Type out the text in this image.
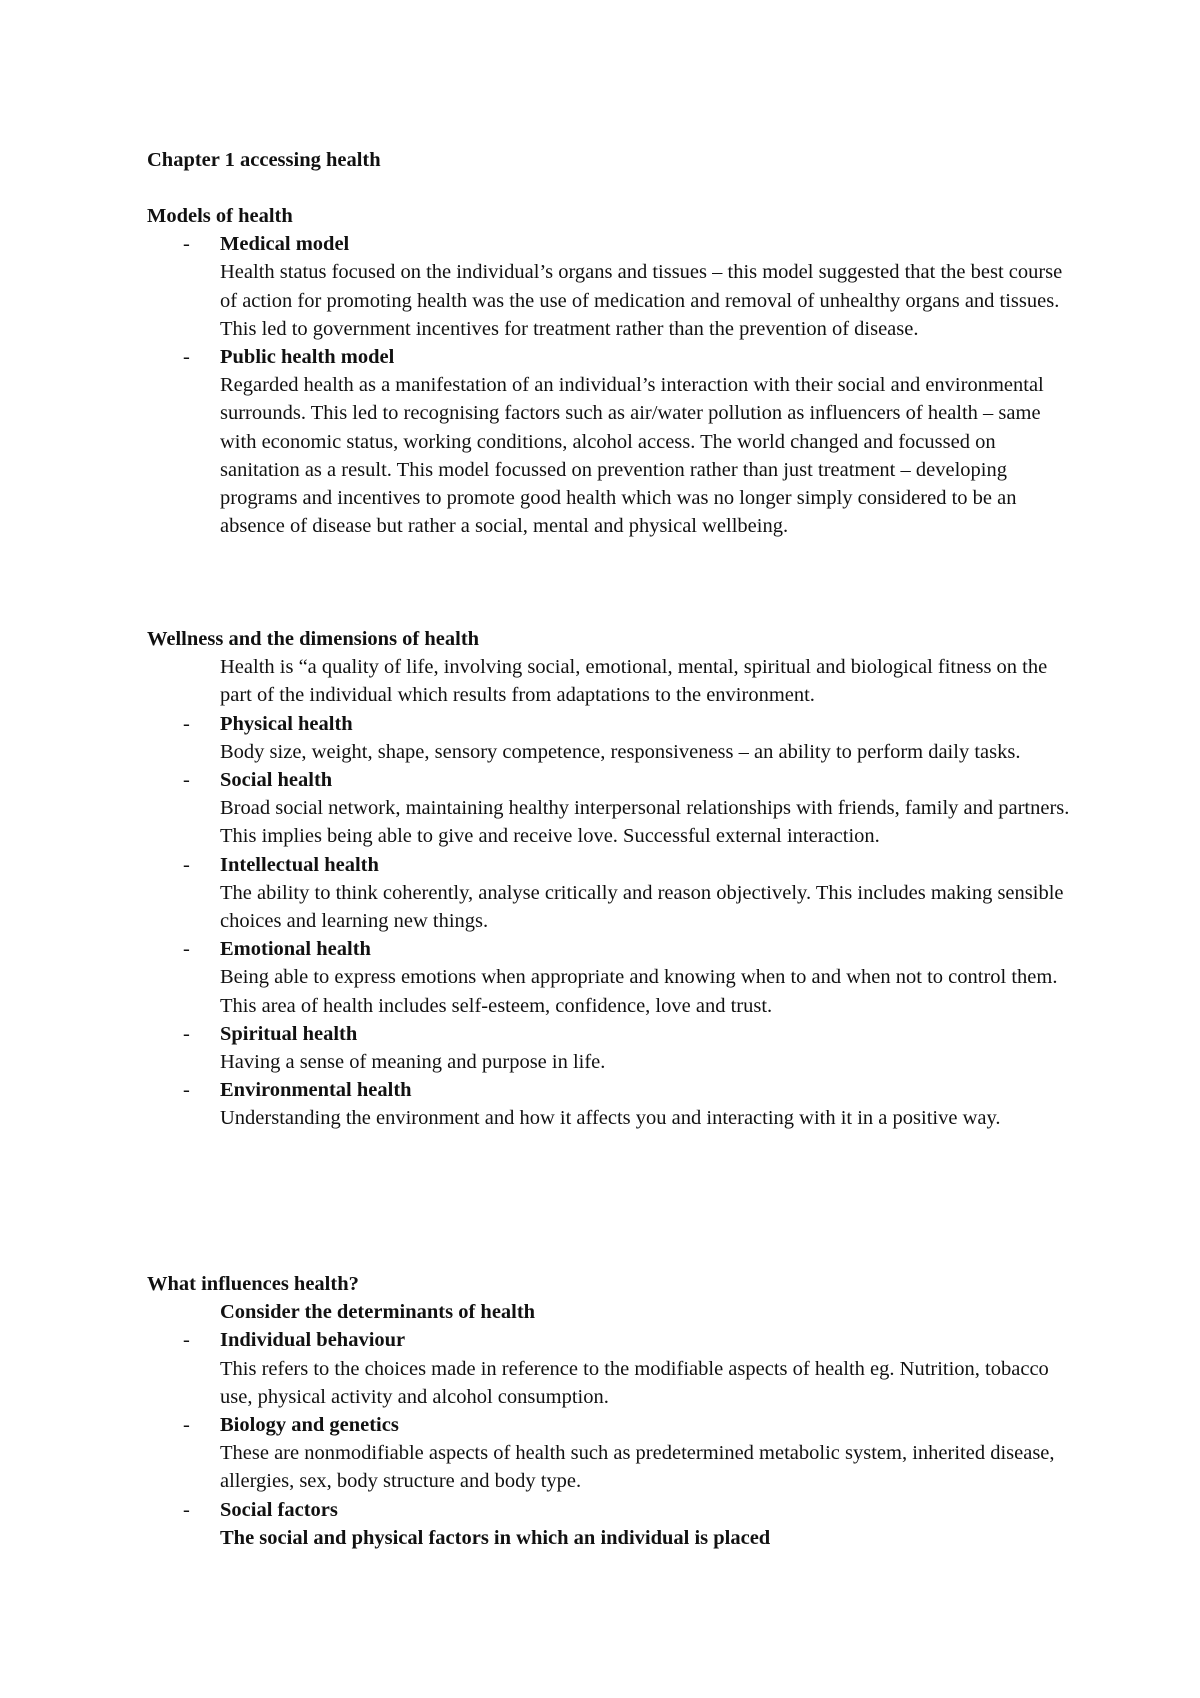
Chapter 1 accessing health
Models of health
- Medical model
Health status focused on the individual’s organs and tissues – this model suggested that the best course of action for promoting health was the use of medication and removal of unhealthy organs and tissues. This led to government incentives for treatment rather than the prevention of disease.
- Public health model
Regarded health as a manifestation of an individual’s interaction with their social and environmental surrounds. This led to recognising factors such as air/water pollution as influencers of health – same with economic status, working conditions, alcohol access. The world changed and focussed on sanitation as a result. This model focussed on prevention rather than just treatment – developing programs and incentives to promote good health which was no longer simply considered to be an absence of disease but rather a social, mental and physical wellbeing.
Wellness and the dimensions of health
Health is “a quality of life, involving social, emotional, mental, spiritual and biological fitness on the part of the individual which results from adaptations to the environment.
- Physical health
Body size, weight, shape, sensory competence, responsiveness – an ability to perform daily tasks.
- Social health
Broad social network, maintaining healthy interpersonal relationships with friends, family and partners. This implies being able to give and receive love. Successful external interaction.
- Intellectual health
The ability to think coherently, analyse critically and reason objectively. This includes making sensible choices and learning new things.
- Emotional health
Being able to express emotions when appropriate and knowing when to and when not to control them. This area of health includes self-esteem, confidence, love and trust.
- Spiritual health
Having a sense of meaning and purpose in life.
- Environmental health
Understanding the environment and how it affects you and interacting with it in a positive way.
What influences health?
Consider the determinants of health
- Individual behaviour
This refers to the choices made in reference to the modifiable aspects of health eg. Nutrition, tobacco use, physical activity and alcohol consumption.
- Biology and genetics
These are nonmodifiable aspects of health such as predetermined metabolic system, inherited disease, allergies, sex, body structure and body type.
- Social factors
The social and physical factors in which an individual is placed
